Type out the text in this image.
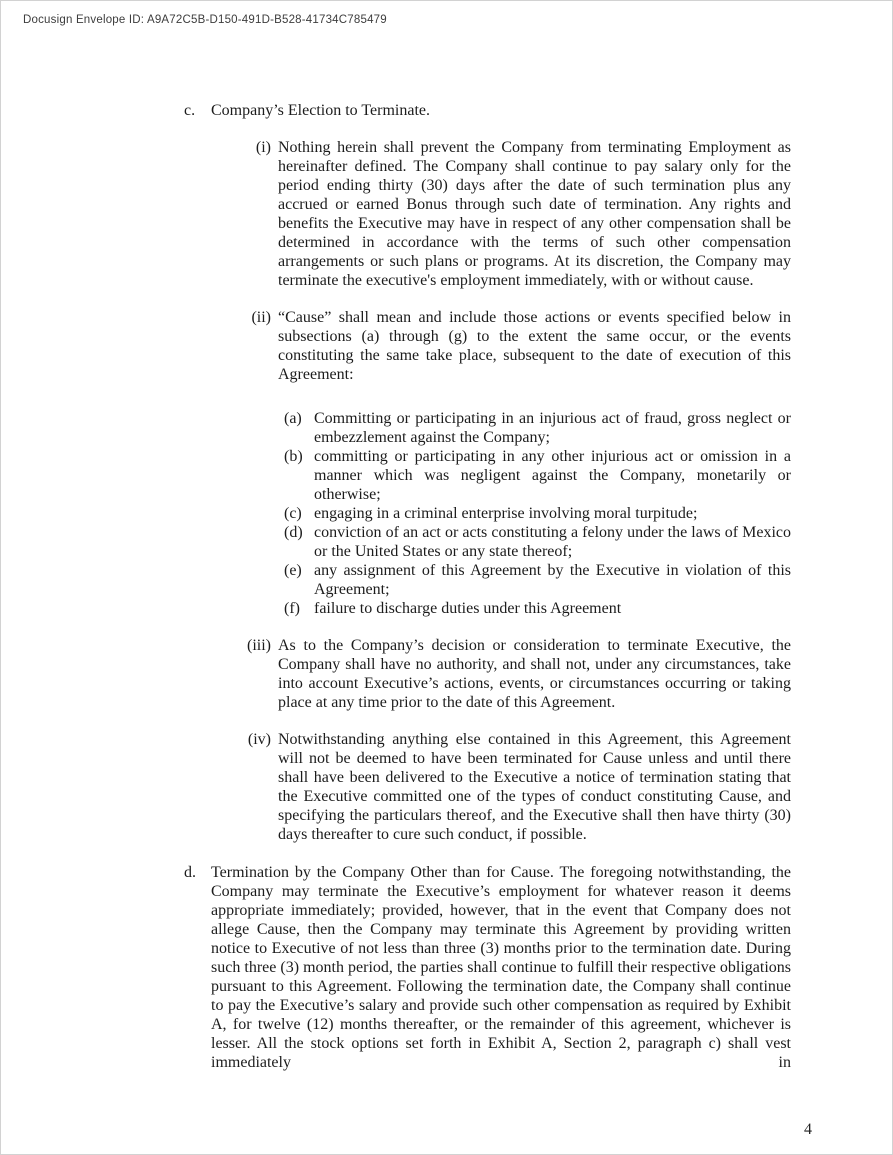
Docusign Envelope ID: A9A72C5B-D150-491D-B528-41734C785479
c. Company’s Election to Terminate.
(i) Nothing herein shall prevent the Company from terminating Employment as hereinafter defined. The Company shall continue to pay salary only for the period ending thirty (30) days after the date of such termination plus any accrued or earned Bonus through such date of termination. Any rights and benefits the Executive may have in respect of any other compensation shall be determined in accordance with the terms of such other compensation arrangements or such plans or programs. At its discretion, the Company may terminate the executive's employment immediately, with or without cause.
(ii) “Cause” shall mean and include those actions or events specified below in subsections (a) through (g) to the extent the same occur, or the events constituting the same take place, subsequent to the date of execution of this Agreement:
(a) Committing or participating in an injurious act of fraud, gross neglect or embezzlement against the Company;
(b) committing or participating in any other injurious act or omission in a manner which was negligent against the Company, monetarily or otherwise;
(c) engaging in a criminal enterprise involving moral turpitude;
(d) conviction of an act or acts constituting a felony under the laws of Mexico or the United States or any state thereof;
(e) any assignment of this Agreement by the Executive in violation of this Agreement;
(f) failure to discharge duties under this Agreement
(iii) As to the Company’s decision or consideration to terminate Executive, the Company shall have no authority, and shall not, under any circumstances, take into account Executive’s actions, events, or circumstances occurring or taking place at any time prior to the date of this Agreement.
(iv) Notwithstanding anything else contained in this Agreement, this Agreement will not be deemed to have been terminated for Cause unless and until there shall have been delivered to the Executive a notice of termination stating that the Executive committed one of the types of conduct constituting Cause, and specifying the particulars thereof, and the Executive shall then have thirty (30) days thereafter to cure such conduct, if possible.
d. Termination by the Company Other than for Cause. The foregoing notwithstanding, the Company may terminate the Executive’s employment for whatever reason it deems appropriate immediately; provided, however, that in the event that Company does not allege Cause, then the Company may terminate this Agreement by providing written notice to Executive of not less than three (3) months prior to the termination date. During such three (3) month period, the parties shall continue to fulfill their respective obligations pursuant to this Agreement. Following the termination date, the Company shall continue to pay the Executive’s salary and provide such other compensation as required by Exhibit A, for twelve (12) months thereafter, or the remainder of this agreement, whichever is lesser. All the stock options set forth in Exhibit A, Section 2, paragraph c) shall vest immediately in
4
